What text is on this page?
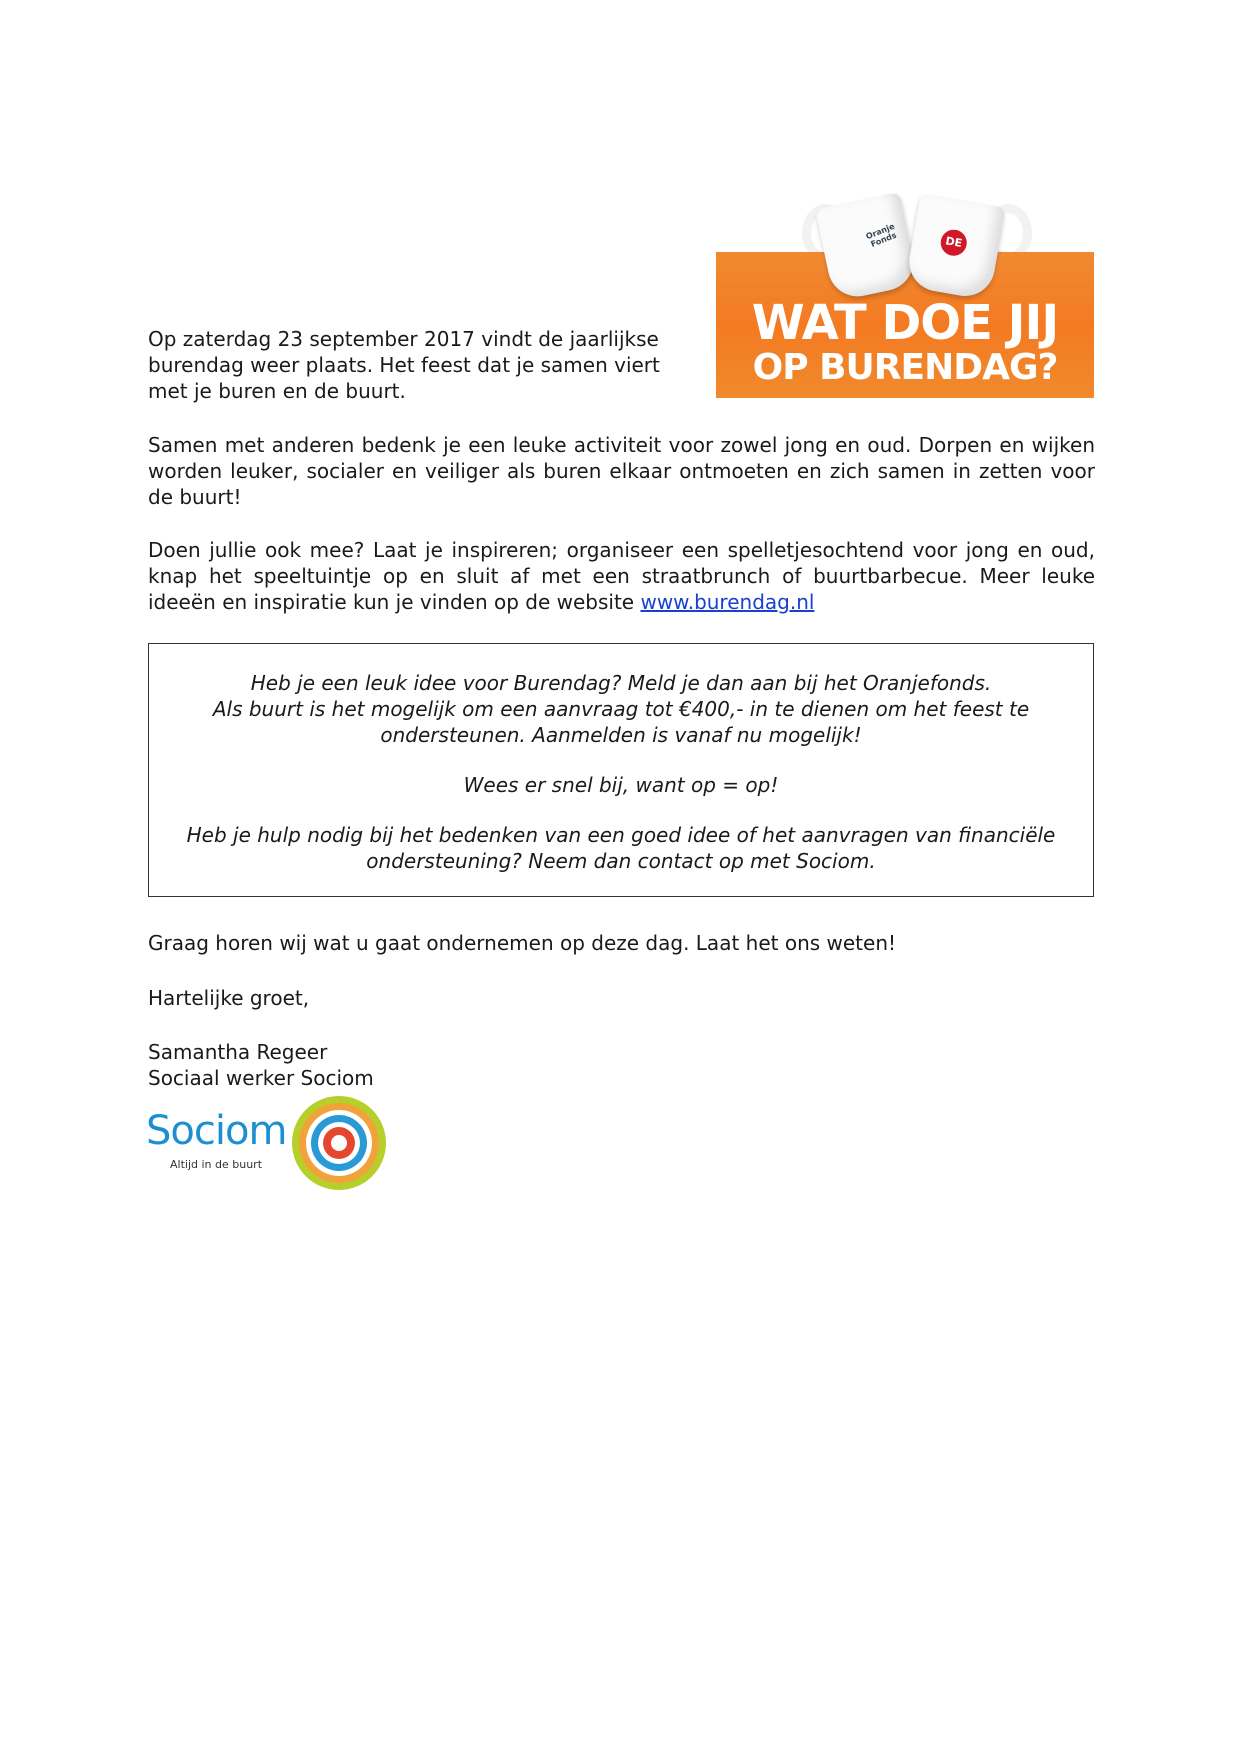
Oranje Fonds	DE
WAT DOE JIJ
OP BURENDAG?

Op zaterdag 23 september 2017 vindt de jaarlijkse burendag weer plaats. Het feest dat je samen viert met je buren en de buurt.

Samen met anderen bedenk je een leuke activiteit voor zowel jong en oud. Dorpen en wijken worden leuker, socialer en veiliger als buren elkaar ontmoeten en zich samen in zetten voor de buurt!

Doen jullie ook mee? Laat je inspireren; organiseer een spelletjesochtend voor jong en oud, knap het speeltuintje op en sluit af met een straatbrunch of buurtbarbecue. Meer leuke ideeën en inspiratie kun je vinden op de website www.burendag.nl

Heb je een leuk idee voor Burendag? Meld je dan aan bij het Oranjefonds.
Als buurt is het mogelijk om een aanvraag tot €400,- in te dienen om het feest te ondersteunen. Aanmelden is vanaf nu mogelijk!

Wees er snel bij, want op = op!

Heb je hulp nodig bij het bedenken van een goed idee of het aanvragen van financiële ondersteuning? Neem dan contact op met Sociom.

Graag horen wij wat u gaat ondernemen op deze dag. Laat het ons weten!

Hartelijke groet,

Samantha Regeer
Sociaal werker Sociom
Sociom
Altijd in de buurt
